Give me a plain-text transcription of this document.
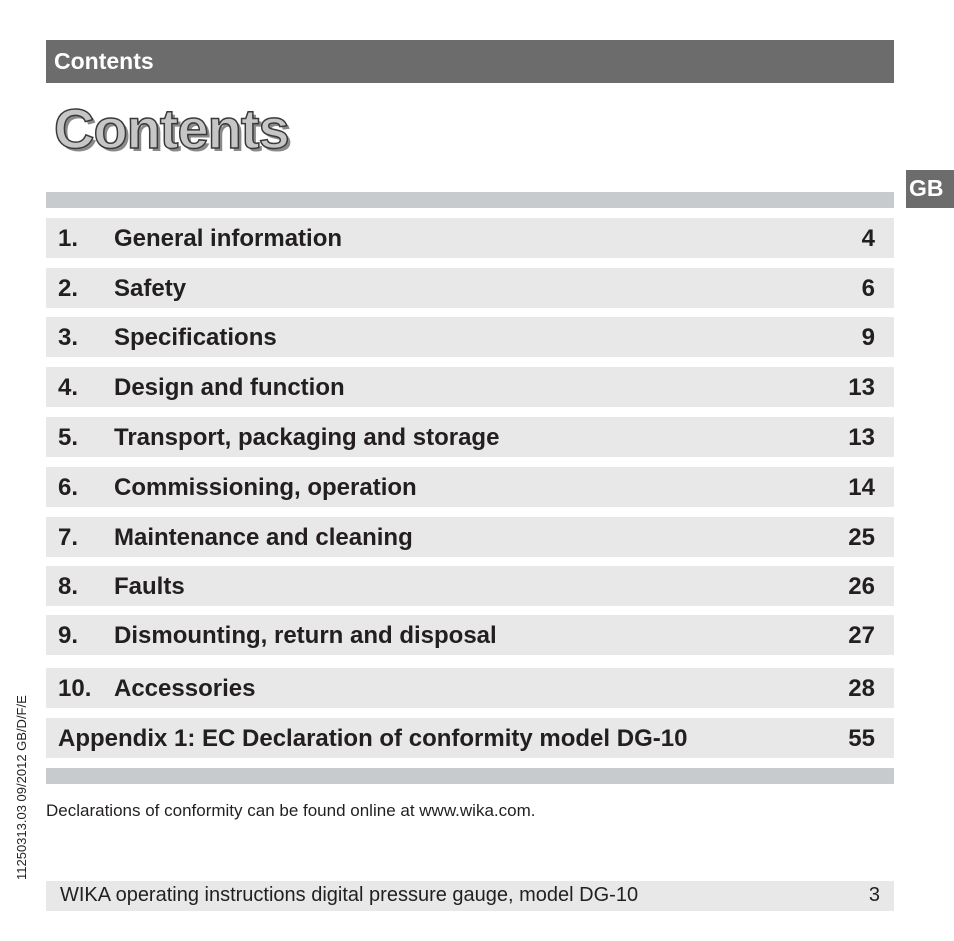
Contents
Contents
GB
1. General information	4
2. Safety	6
3. Specifications	9
4. Design and function	13
5. Transport, packaging and storage	13
6. Commissioning, operation	14
7. Maintenance and cleaning	25
8. Faults	26
9. Dismounting, return and disposal	27
10. Accessories	28
Appendix 1: EC Declaration of conformity model DG-10	55
Declarations of conformity can be found online at www.wika.com.
11250313.03 09/2012 GB/D/F/E
WIKA operating instructions digital pressure gauge, model DG-10	3
